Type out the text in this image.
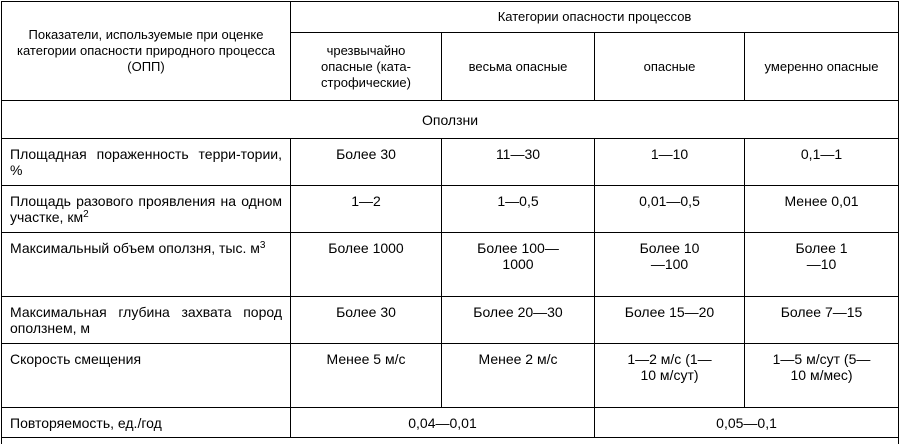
Показатели, используемые при оценке категории опасности природного процесса (ОПП)	Категории опасности процессов			
	чрезвычайно опасные (ката-строфические)	весьма опасные	опасные	умеренно опасные
Оползни				
Площадная пораженность терри-тории, %	Более 30	11—30	1—10	0,1—1
Площадь разового проявления на одном участке, $км^2$	1—2	1—0,5	0,01—0,5	Менее 0,01
Максимальный объем оползня, тыс. $м^3$	Более 1000	Более 100—1000	Более 10—100	Более 1—10
Максимальная глубина захвата пород оползнем, м	Более 30	Более 20—30	Более 15—20	Более 7—15
Скорость смещения	Менее 5 м/с	Менее 2 м/с	1—2 м/с (1—10 м/сут)	1—5 м/сут (5—10 м/мес)
Повторяемость, ед./год	0,04—0,01		0,05—0,1	
